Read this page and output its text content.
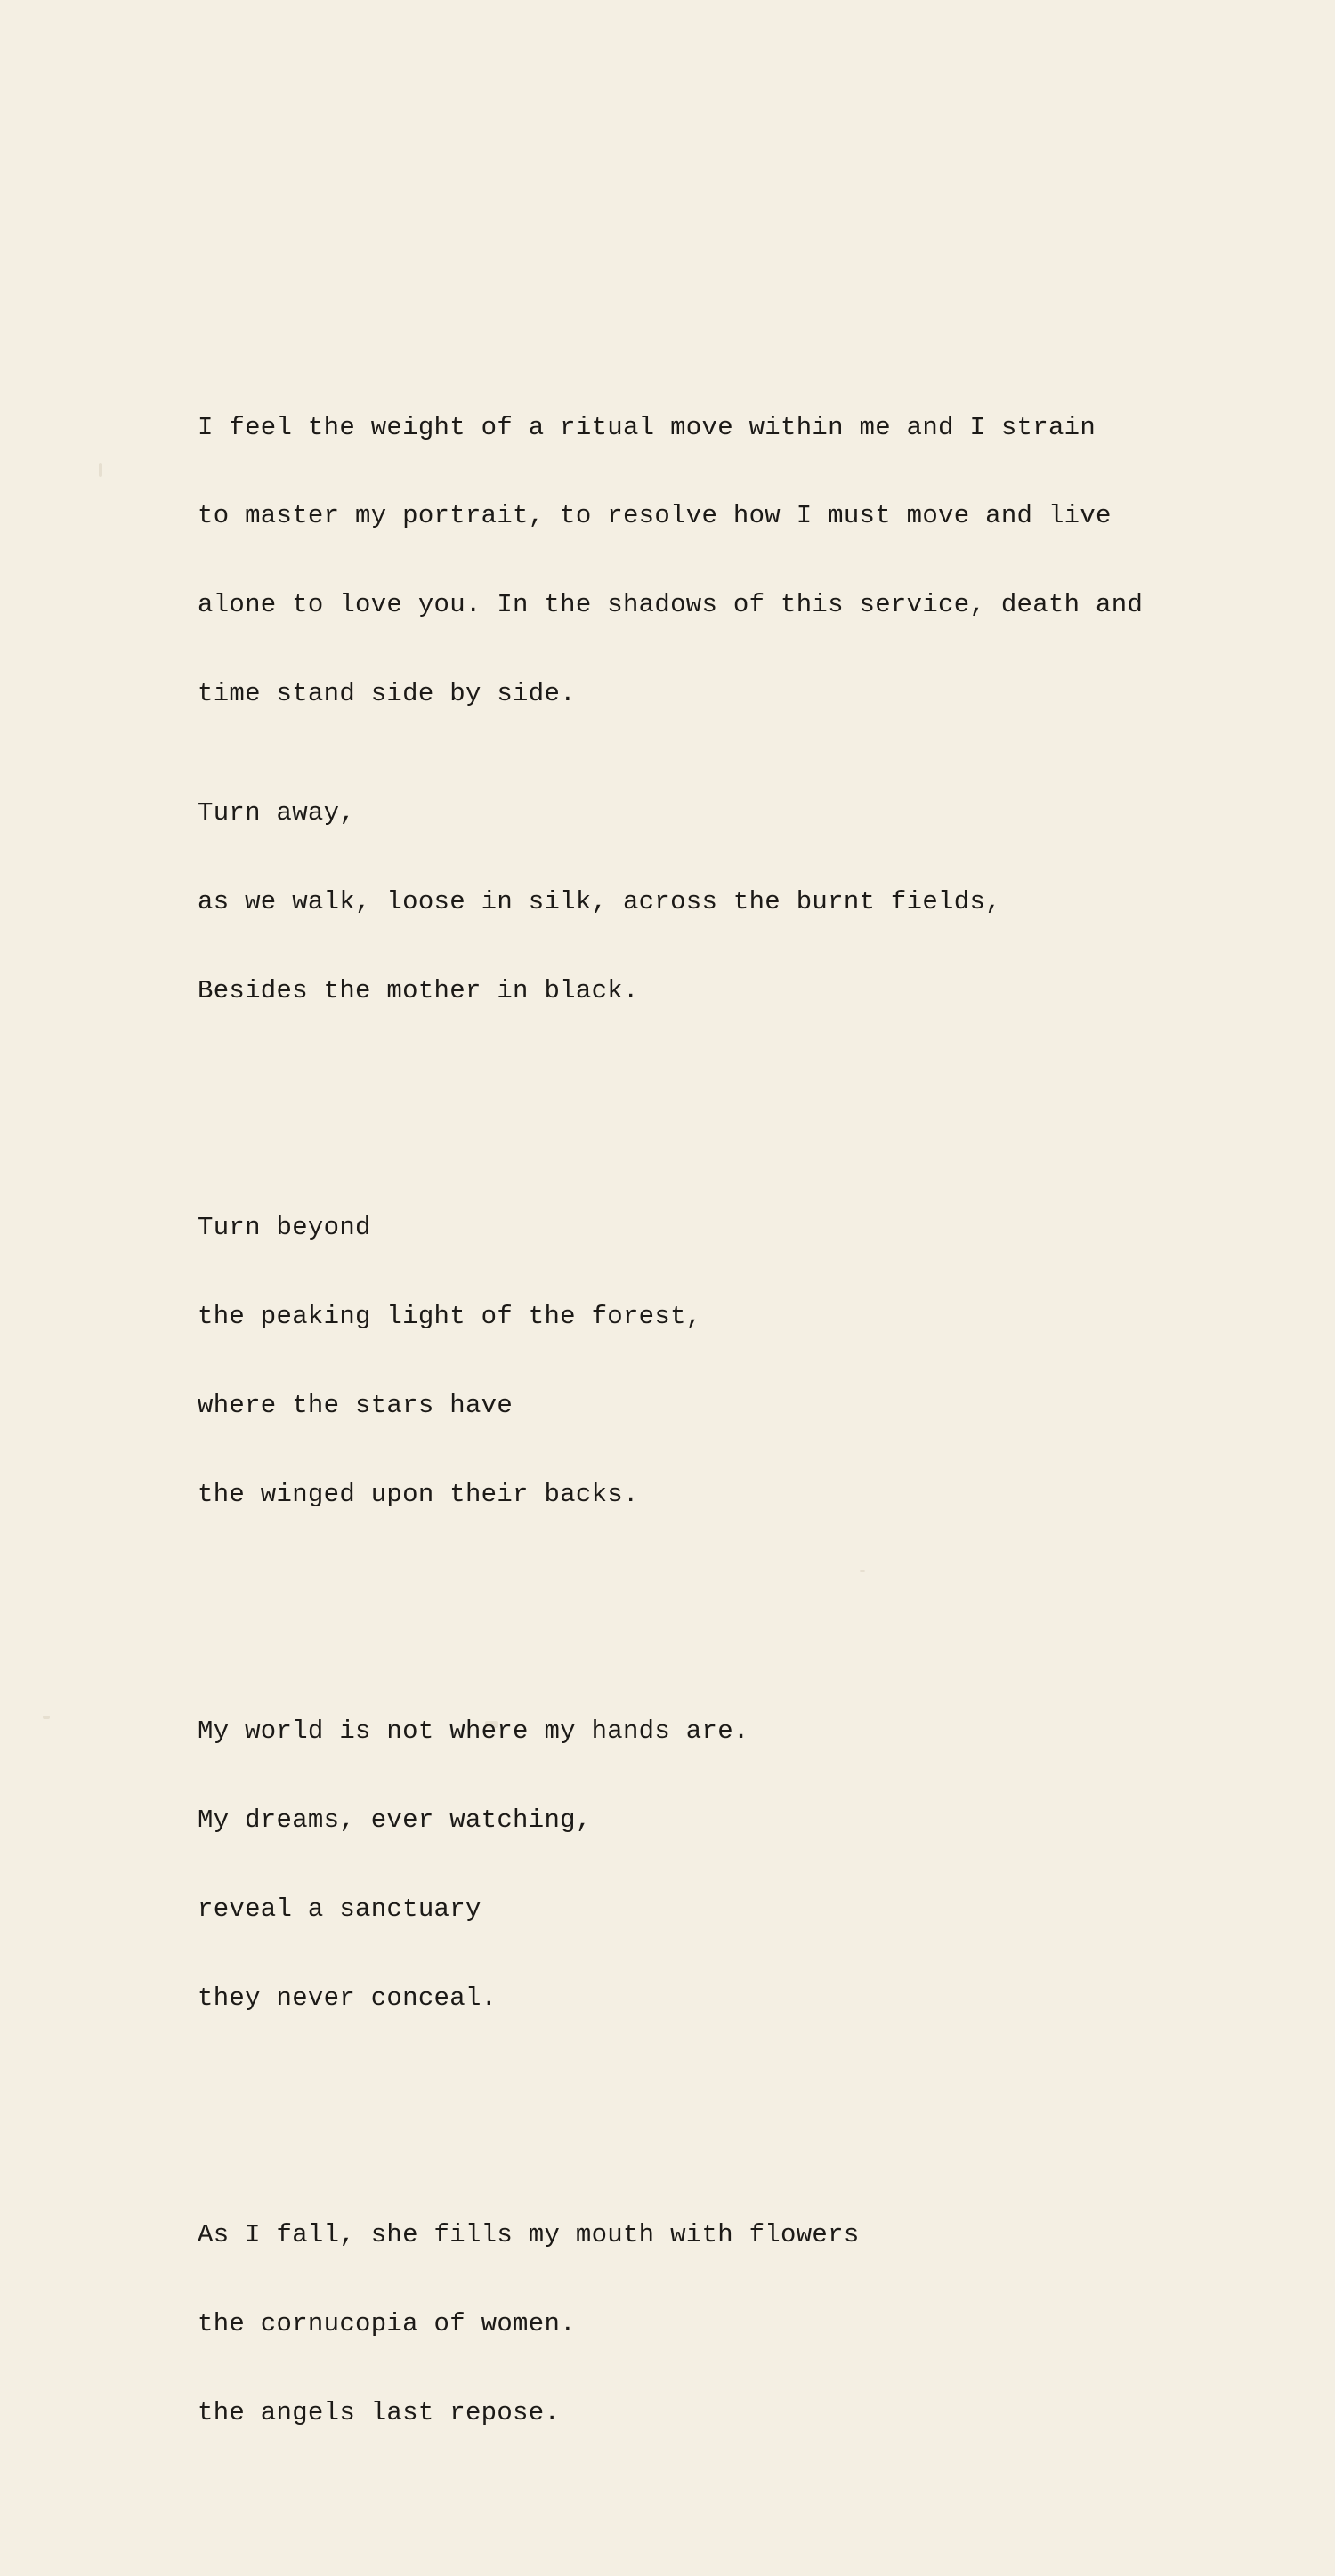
I feel the weight of a ritual move within me and I strain

to master my portrait, to resolve how I must move and live

alone to love you. In the shadows of this service, death and

time stand side by side.

Turn away,

as we walk, loose in silk, across the burnt fields,

Besides the mother in black.

Turn beyond

the peaking light of the forest,

where the stars have

the winged upon their backs.

My world is not where my hands are.

My dreams, ever watching,

reveal a sanctuary

they never conceal.

As I fall, she fills my mouth with flowers

the cornucopia of women.

the angels last repose.
